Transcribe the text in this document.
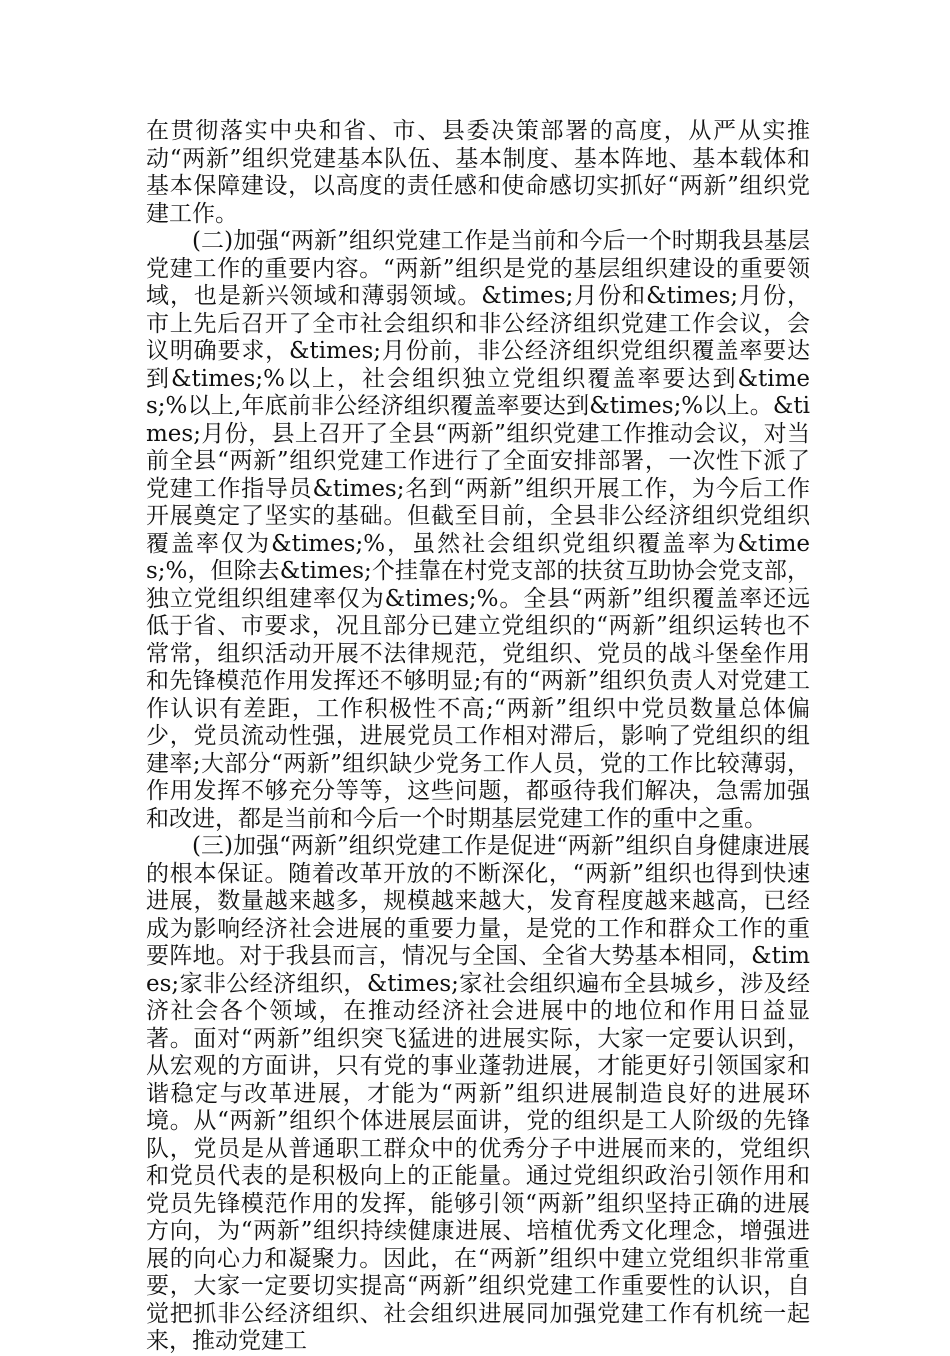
在贯彻落实中央和省、市、县委决策部署的高度，从严从实推动“两新”组织党建基本队伍、基本制度、基本阵地、基本载体和基本保障建设，以高度的责任感和使命感切实抓好“两新”组织党建工作。

(二)加强“两新”组织党建工作是当前和今后一个时期我县基层党建工作的重要内容。“两新”组织是党的基层组织建设的重要领域，也是新兴领域和薄弱领域。&times;月份和&times;月份，市上先后召开了全市社会组织和非公经济组织党建工作会议，会议明确要求，&times;月份前，非公经济组织党组织覆盖率要达到&times;%以上，社会组织独立党组织覆盖率要达到&times;%以上,年底前非公经济组织覆盖率要达到&times;%以上。&times;月份，县上召开了全县“两新”组织党建工作推动会议，对当前全县“两新”组织党建工作进行了全面安排部署，一次性下派了党建工作指导员&times;名到“两新”组织开展工作，为今后工作开展奠定了坚实的基础。但截至目前，全县非公经济组织党组织覆盖率仅为&times;%，虽然社会组织党组织覆盖率为&times;%，但除去&times;个挂靠在村党支部的扶贫互助协会党支部，独立党组织组建率仅为&times;%。全县“两新”组织覆盖率还远低于省、市要求，况且部分已建立党组织的“两新”组织运转也不常常，组织活动开展不法律规范，党组织、党员的战斗堡垒作用和先锋模范作用发挥还不够明显;有的“两新”组织负责人对党建工作认识有差距，工作积极性不高;“两新”组织中党员数量总体偏少，党员流动性强，进展党员工作相对滞后，影响了党组织的组建率;大部分“两新”组织缺少党务工作人员，党的工作比较薄弱，作用发挥不够充分等等，这些问题，都亟待我们解决，急需加强和改进，都是当前和今后一个时期基层党建工作的重中之重。

(三)加强“两新”组织党建工作是促进“两新”组织自身健康进展的根本保证。随着改革开放的不断深化，“两新”组织也得到快速进展，数量越来越多，规模越来越大，发育程度越来越高，已经成为影响经济社会进展的重要力量，是党的工作和群众工作的重要阵地。对于我县而言，情况与全国、全省大势基本相同，&times;家非公经济组织，&times;家社会组织遍布全县城乡，涉及经济社会各个领域，在推动经济社会进展中的地位和作用日益显著。面对“两新”组织突飞猛进的进展实际，大家一定要认识到，从宏观的方面讲，只有党的事业蓬勃进展，才能更好引领国家和谐稳定与改革进展，才能为“两新”组织进展制造良好的进展环境。从“两新”组织个体进展层面讲，党的组织是工人阶级的先锋队，党员是从普通职工群众中的优秀分子中进展而来的，党组织和党员代表的是积极向上的正能量。通过党组织政治引领作用和党员先锋模范作用的发挥，能够引领“两新”组织坚持正确的进展方向，为“两新”组织持续健康进展、培植优秀文化理念，增强进展的向心力和凝聚力。因此，在“两新”组织中建立党组织非常重要，大家一定要切实提高“两新”组织党建工作重要性的认识，自觉把抓非公经济组织、社会组织进展同加强党建工作有机统一起来，推动党建工
